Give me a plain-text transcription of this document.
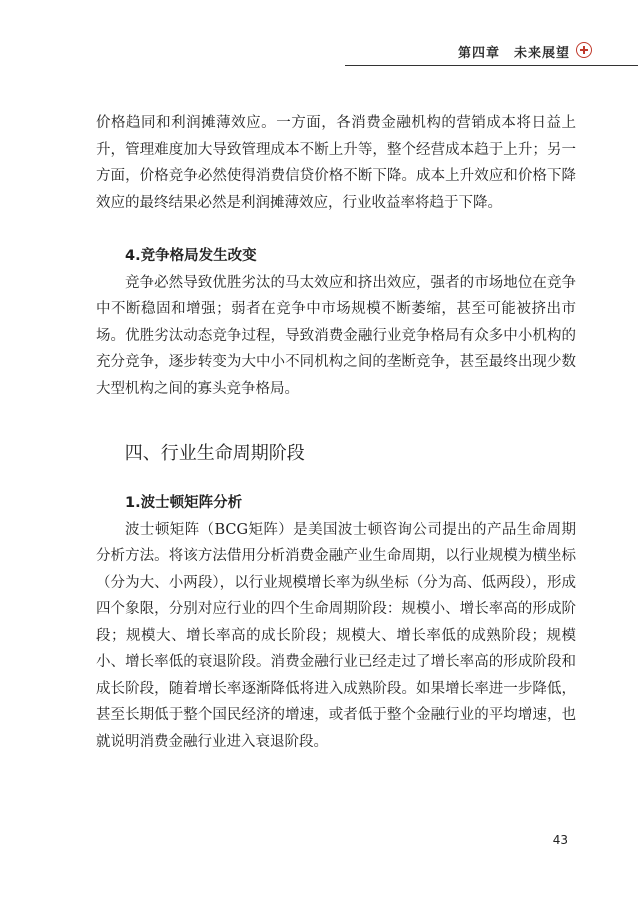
第四章　未来展望

价格趋同和利润摊薄效应。一方面，各消费金融机构的营销成本将日益上升，管理难度加大导致管理成本不断上升等，整个经营成本趋于上升；另一方面，价格竞争必然使得消费信贷价格不断下降。成本上升效应和价格下降效应的最终结果必然是利润摊薄效应，行业收益率将趋于下降。

4.竞争格局发生改变

竞争必然导致优胜劣汰的马太效应和挤出效应，强者的市场地位在竞争中不断稳固和增强；弱者在竞争中市场规模不断萎缩，甚至可能被挤出市场。优胜劣汰动态竞争过程，导致消费金融行业竞争格局有众多中小机构的充分竞争，逐步转变为大中小不同机构之间的垄断竞争，甚至最终出现少数大型机构之间的寡头竞争格局。

四、行业生命周期阶段

1.波士顿矩阵分析

波士顿矩阵（BCG矩阵）是美国波士顿咨询公司提出的产品生命周期分析方法。将该方法借用分析消费金融产业生命周期，以行业规模为横坐标（分为大、小两段），以行业规模增长率为纵坐标（分为高、低两段），形成四个象限，分别对应行业的四个生命周期阶段：规模小、增长率高的形成阶段；规模大、增长率高的成长阶段；规模大、增长率低的成熟阶段；规模小、增长率低的衰退阶段。消费金融行业已经走过了增长率高的形成阶段和成长阶段，随着增长率逐渐降低将进入成熟阶段。如果增长率进一步降低，甚至长期低于整个国民经济的增速，或者低于整个金融行业的平均增速，也就说明消费金融行业进入衰退阶段。

43
